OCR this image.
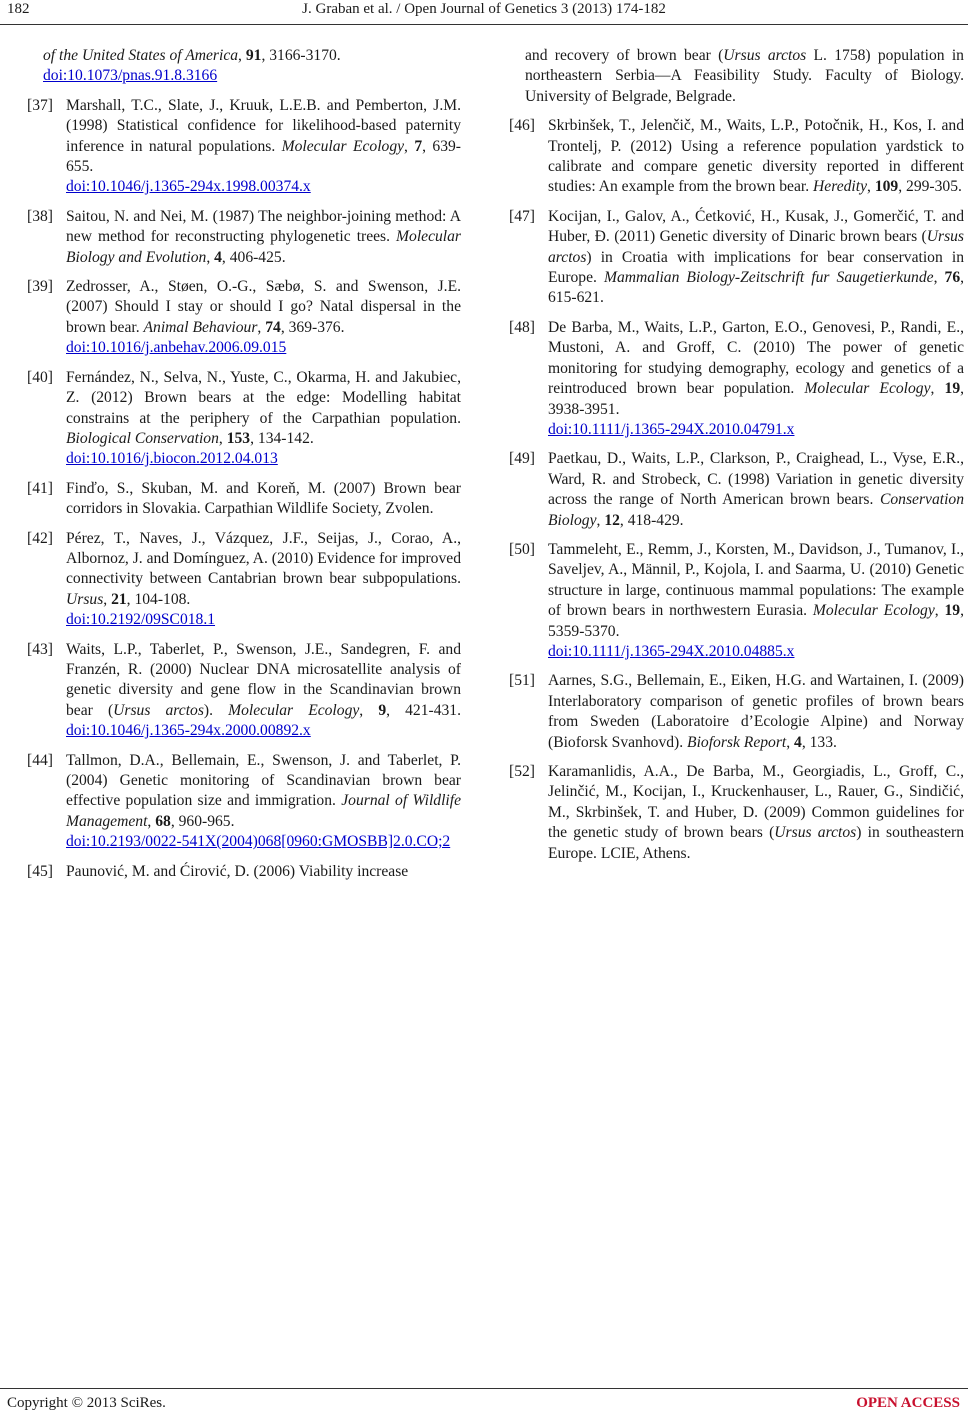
182	J. Graban et al. / Open Journal of Genetics 3 (2013) 174-182
of the United States of America, 91, 3166-3170.
doi:10.1073/pnas.91.8.3166
[37] Marshall, T.C., Slate, J., Kruuk, L.E.B. and Pemberton, J.M. (1998) Statistical confidence for likelihood-based paternity inference in natural populations. Molecular Ecology, 7, 639-655.
doi:10.1046/j.1365-294x.1998.00374.x
[38] Saitou, N. and Nei, M. (1987) The neighbor-joining method: A new method for reconstructing phylogenetic trees. Molecular Biology and Evolution, 4, 406-425.
[39] Zedrosser, A., Støen, O.-G., Sæbø, S. and Swenson, J.E. (2007) Should I stay or should I go? Natal dispersal in the brown bear. Animal Behaviour, 74, 369-376.
doi:10.1016/j.anbehav.2006.09.015
[40] Fernández, N., Selva, N., Yuste, C., Okarma, H. and Jakubiec, Z. (2012) Brown bears at the edge: Modelling habitat constrains at the periphery of the Carpathian population. Biological Conservation, 153, 134-142.
doi:10.1016/j.biocon.2012.04.013
[41] Finďo, S., Skuban, M. and Koreň, M. (2007) Brown bear corridors in Slovakia. Carpathian Wildlife Society, Zvolen.
[42] Pérez, T., Naves, J., Vázquez, J.F., Seijas, J., Corao, A., Albornoz, J. and Domínguez, A. (2010) Evidence for improved connectivity between Cantabrian brown bear subpopulations. Ursus, 21, 104-108.
doi:10.2192/09SC018.1
[43] Waits, L.P., Taberlet, P., Swenson, J.E., Sandegren, F. and Franzén, R. (2000) Nuclear DNA microsatellite analysis of genetic diversity and gene flow in the Scandinavian brown bear (Ursus arctos). Molecular Ecology, 9, 421-431. doi:10.1046/j.1365-294x.2000.00892.x
[44] Tallmon, D.A., Bellemain, E., Swenson, J. and Taberlet, P. (2004) Genetic monitoring of Scandinavian brown bear effective population size and immigration. Journal of Wildlife Management, 68, 960-965.
doi:10.2193/0022-541X(2004)068[0960:GMOSBB]2.0.CO;2
[45] Paunović, M. and Ćirović, D. (2006) Viability increase
and recovery of brown bear (Ursus arctos L. 1758) population in northeastern Serbia—A Feasibility Study. Faculty of Biology. University of Belgrade, Belgrade.
[46] Skrbinšek, T., Jelenčič, M., Waits, L.P., Potočnik, H., Kos, I. and Trontelj, P. (2012) Using a reference population yardstick to calibrate and compare genetic diversity reported in different studies: An example from the brown bear. Heredity, 109, 299-305.
[47] Kocijan, I., Galov, A., Ćetković, H., Kusak, J., Gomerčić, T. and Huber, Đ. (2011) Genetic diversity of Dinaric brown bears (Ursus arctos) in Croatia with implications for bear conservation in Europe. Mammalian Biology-Zeitschrift fur Saugetierkunde, 76, 615-621.
[48] De Barba, M., Waits, L.P., Garton, E.O., Genovesi, P., Randi, E., Mustoni, A. and Groff, C. (2010) The power of genetic monitoring for studying demography, ecology and genetics of a reintroduced brown bear population. Molecular Ecology, 19, 3938-3951.
doi:10.1111/j.1365-294X.2010.04791.x
[49] Paetkau, D., Waits, L.P., Clarkson, P., Craighead, L., Vyse, E.R., Ward, R. and Strobeck, C. (1998) Variation in genetic diversity across the range of North American brown bears. Conservation Biology, 12, 418-429.
[50] Tammeleht, E., Remm, J., Korsten, M., Davidson, J., Tumanov, I., Saveljev, A., Männil, P., Kojola, I. and Saarma, U. (2010) Genetic structure in large, continuous mammal populations: The example of brown bears in northwestern Eurasia. Molecular Ecology, 19, 5359-5370.
doi:10.1111/j.1365-294X.2010.04885.x
[51] Aarnes, S.G., Bellemain, E., Eiken, H.G. and Wartainen, I. (2009) Interlaboratory comparison of genetic profiles of brown bears from Sweden (Laboratoire d’Ecologie Alpine) and Norway (Bioforsk Svanhovd). Bioforsk Report, 4, 133.
[52] Karamanlidis, A.A., De Barba, M., Georgiadis, L., Groff, C., Jelinčić, M., Kocijan, I., Kruckenhauser, L., Rauer, G., Sindičić, M., Skrbinšek, T. and Huber, D. (2009) Common guidelines for the genetic study of brown bears (Ursus arctos) in southeastern Europe. LCIE, Athens.
Copyright © 2013 SciRes.	OPEN ACCESS
